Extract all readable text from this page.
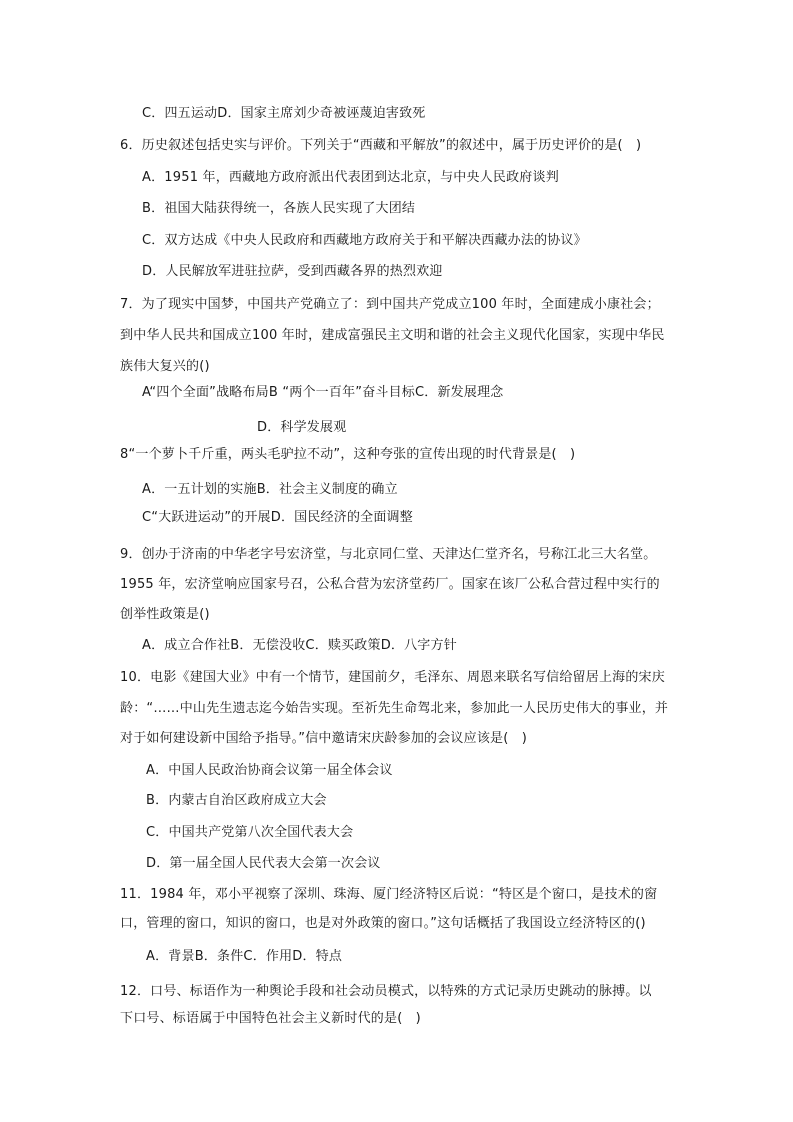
C．四五运动D．国家主席刘少奇被诬蔑迫害致死
6．历史叙述包括史实与评价。下列关于“西藏和平解放”的叙述中，属于历史评价的是(　)
A．1951 年，西藏地方政府派出代表团到达北京，与中央人民政府谈判
B．祖国大陆获得统一，各族人民实现了大团结
C．双方达成《中央人民政府和西藏地方政府关于和平解决西藏办法的协议》
D．人民解放军进驻拉萨，受到西藏各界的热烈欢迎
7．为了现实中国梦，中国共产党确立了：到中国共产党成立100 年时，全面建成小康社会；
到中华人民共和国成立100 年时，建成富强民主文明和谐的社会主义现代化国家，实现中华民
族伟大复兴的()
A“四个全面”战略布局B “两个一百年”奋斗目标C．新发展理念
D．科学发展观
8“一个萝卜千斤重，两头毛驴拉不动”，这种夸张的宣传出现的时代背景是(　)
A．一五计划的实施B．社会主义制度的确立
C“大跃进运动”的开展D．国民经济的全面调整
9．创办于济南的中华老字号宏济堂，与北京同仁堂、天津达仁堂齐名，号称江北三大名堂。
1955 年，宏济堂响应国家号召，公私合营为宏济堂药厂。国家在该厂公私合营过程中实行的
创举性政策是()
A．成立合作社B．无偿没收C．赎买政策D．八字方针
10．电影《建国大业》中有一个情节，建国前夕，毛泽东、周恩来联名写信给留居上海的宋庆
龄：“……中山先生遗志迄今始告实现。至祈先生命驾北来，参加此一人民历史伟大的事业，并
对于如何建设新中国给予指导。”信中邀请宋庆龄参加的会议应该是(　)
A．中国人民政治协商会议第一届全体会议
B．内蒙古自治区政府成立大会
C．中国共产党第八次全国代表大会
D．第一届全国人民代表大会第一次会议
11．1984 年，邓小平视察了深圳、珠海、厦门经济特区后说：“特区是个窗口，是技术的窗
口，管理的窗口，知识的窗口，也是对外政策的窗口。”这句话概括了我国设立经济特区的()
A．背景B．条件C．作用D．特点
12．口号、标语作为一种舆论手段和社会动员模式，以特殊的方式记录历史跳动的脉搏。以
下口号、标语属于中国特色社会主义新时代的是(　)
